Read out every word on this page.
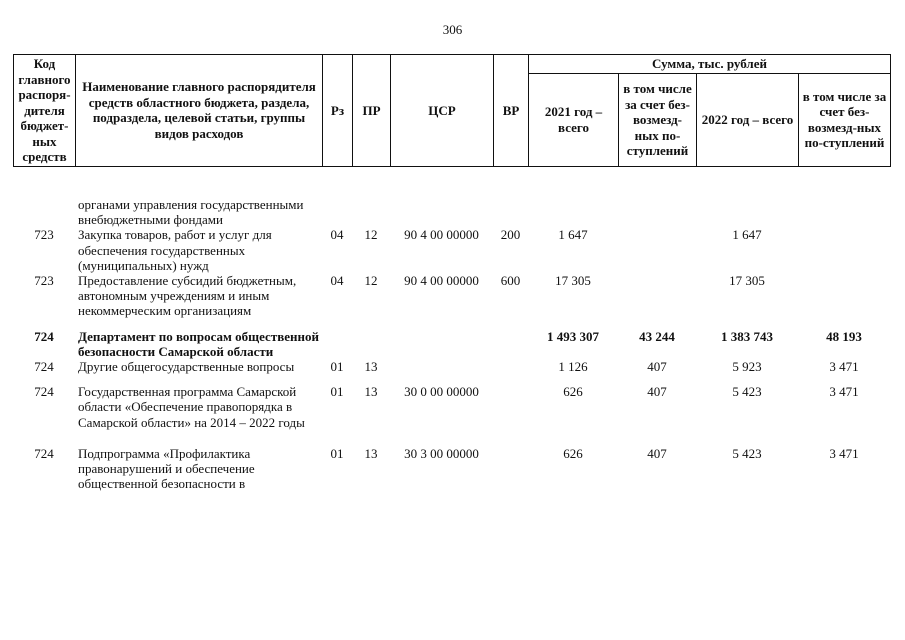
306
Код главного распоря-дителя бюджет-ных средств	Наименование главного распорядителя средств областного бюджета, раздела, подраздела, целевой статьи, группы видов расходов	Рз	ПР	ЦСР	ВР	Сумма, тыс. рублей			
						2021 год – всего	в том числе за счет без-возмезд-ных по-ступлений	2022 год – всего	в том числе за счет без-возмезд-ных по-ступлений

	органами управления государственными внебюджетными фондами								
723	Закупка товаров, работ и услуг для обеспечения государственных (муниципальных) нужд	04	12	90 4 00 00000	200	1 647		1 647	
723	Предоставление субсидий бюджетным, автономным учреждениям и иным некоммерческим организациям	04	12	90 4 00 00000	600	17 305		17 305	

724	Департамент по вопросам общественной безопасности Самарской области					1 493 307	43 244	1 383 743	48 193
724	Другие общегосударственные вопросы	01	13			1 126	407	5 923	3 471

724	Государственная программа Самарской области «Обеспечение правопорядка в Самарской области» на 2014 – 2022 годы	01	13	30 0 00 00000		626	407	5 423	3 471

724	Подпрограмма «Профилактика правонарушений и обеспечение общественной безопасности в	01	13	30 3 00 00000		626	407	5 423	3 471
